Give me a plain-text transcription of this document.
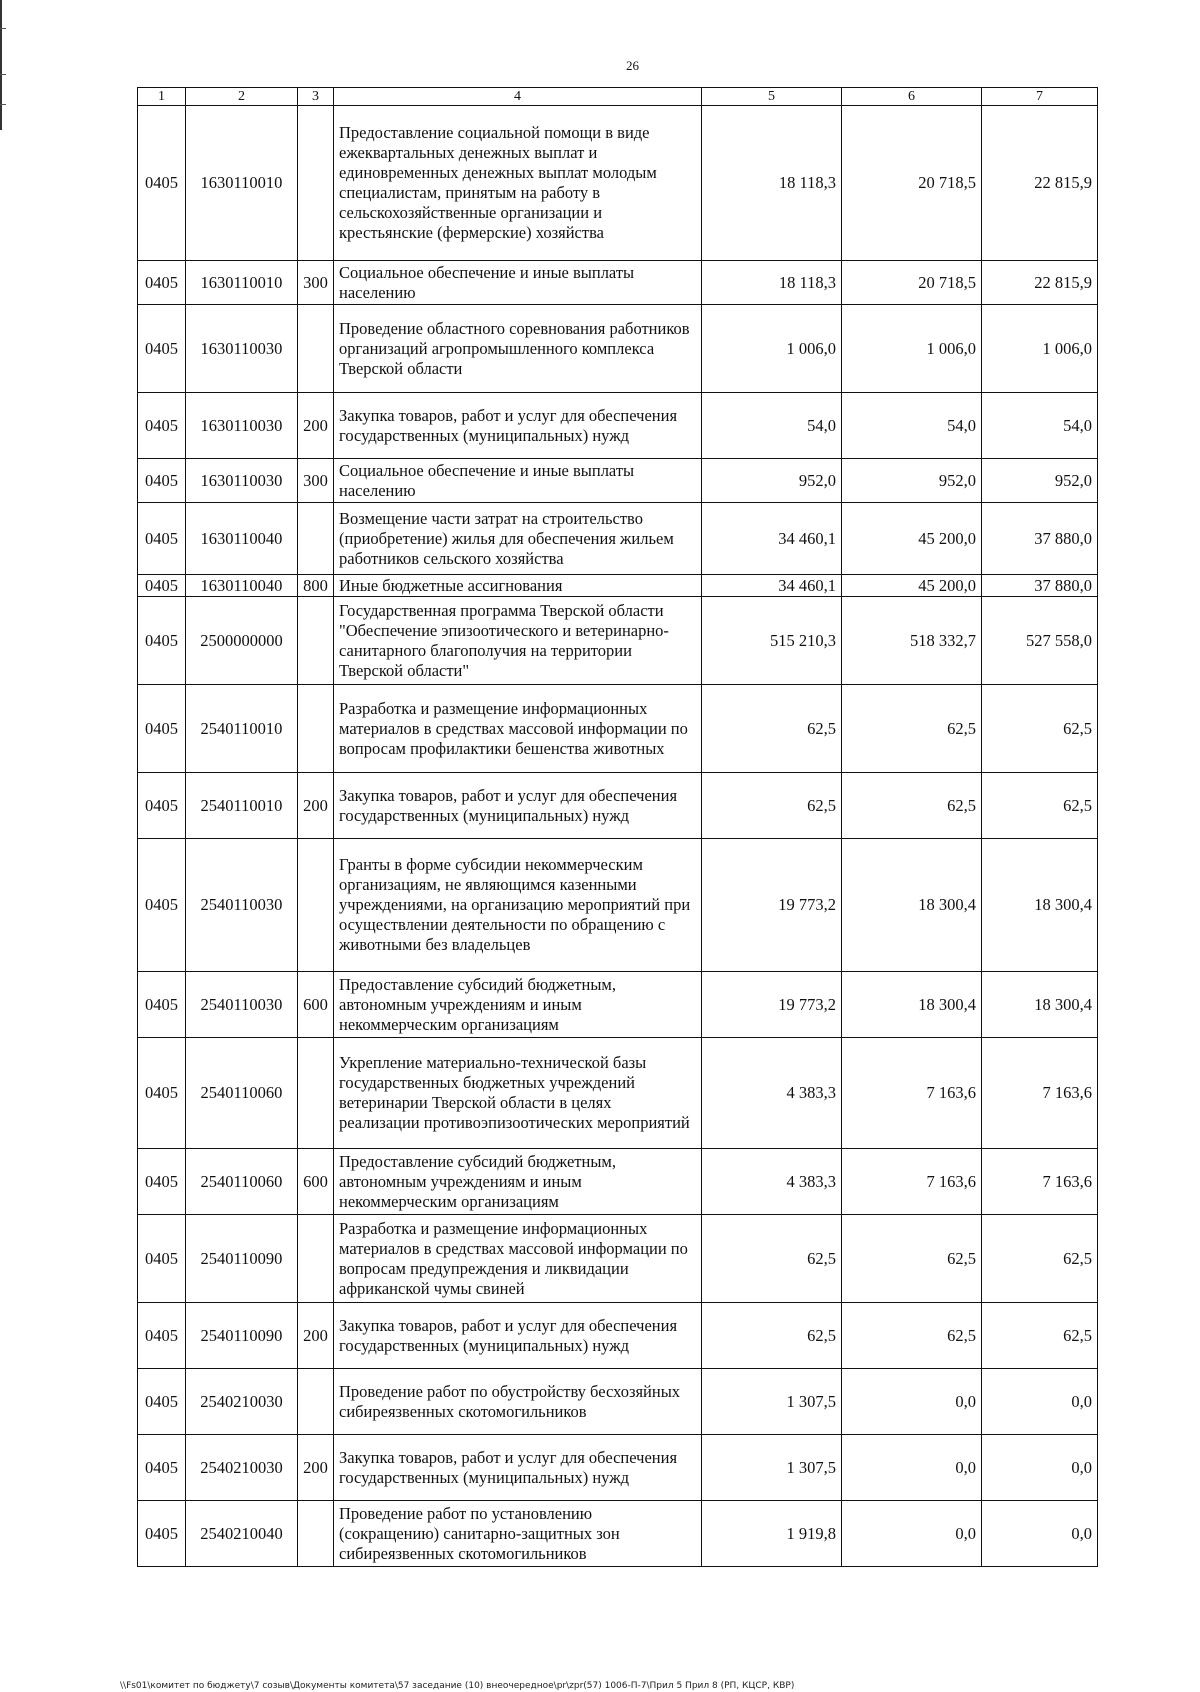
26
1	2	3	4	5	6	7
0405	1630110010		Предоставление социальной помощи в виде ежеквартальных денежных выплат и единовременных денежных выплат молодым специалистам, принятым на работу в сельскохозяйственные организации и крестьянские (фермерские) хозяйства	18 118,3	20 718,5	22 815,9
0405	1630110010	300	Социальное обеспечение и иные выплаты населению	18 118,3	20 718,5	22 815,9
0405	1630110030		Проведение областного соревнования работников организаций агропромышленного комплекса Тверской области	1 006,0	1 006,0	1 006,0
0405	1630110030	200	Закупка товаров, работ и услуг для обеспечения государственных (муниципальных) нужд	54,0	54,0	54,0
0405	1630110030	300	Социальное обеспечение и иные выплаты населению	952,0	952,0	952,0
0405	1630110040		Возмещение части затрат на строительство (приобретение) жилья для обеспечения жильем работников сельского хозяйства	34 460,1	45 200,0	37 880,0
0405	1630110040	800	Иные бюджетные ассигнования	34 460,1	45 200,0	37 880,0
0405	2500000000		Государственная программа Тверской области "Обеспечение эпизоотического и ветеринарно-санитарного благополучия на территории Тверской области"	515 210,3	518 332,7	527 558,0
0405	2540110010		Разработка и размещение информационных материалов в средствах массовой информации по вопросам профилактики бешенства животных	62,5	62,5	62,5
0405	2540110010	200	Закупка товаров, работ и услуг для обеспечения государственных (муниципальных) нужд	62,5	62,5	62,5
0405	2540110030		Гранты в форме субсидии некоммерческим организациям, не являющимся казенными учреждениями, на организацию мероприятий при осуществлении деятельности по обращению с животными без владельцев	19 773,2	18 300,4	18 300,4
0405	2540110030	600	Предоставление субсидий бюджетным, автономным учреждениям и иным некоммерческим организациям	19 773,2	18 300,4	18 300,4
0405	2540110060		Укрепление материально-технической базы государственных бюджетных учреждений ветеринарии Тверской области в целях реализации противоэпизоотических мероприятий	4 383,3	7 163,6	7 163,6
0405	2540110060	600	Предоставление субсидий бюджетным, автономным учреждениям и иным некоммерческим организациям	4 383,3	7 163,6	7 163,6
0405	2540110090		Разработка и размещение информационных материалов в средствах массовой информации по вопросам предупреждения и ликвидации африканской чумы свиней	62,5	62,5	62,5
0405	2540110090	200	Закупка товаров, работ и услуг для обеспечения государственных (муниципальных) нужд	62,5	62,5	62,5
0405	2540210030		Проведение работ по обустройству бесхозяйных сибиреязвенных скотомогильников	1 307,5	0,0	0,0
0405	2540210030	200	Закупка товаров, работ и услуг для обеспечения государственных (муниципальных) нужд	1 307,5	0,0	0,0
0405	2540210040		Проведение работ по установлению (сокращению) санитарно-защитных зон сибиреязвенных скотомогильников	1 919,8	0,0	0,0
\\Fs01\комитет по бюджету\7 созыв\Документы комитета\57 заседание (10) внеочередное\pr\zpr(57) 1006-П-7\Прил 5 Прил 8 (РП, КЦСР, КВР)
